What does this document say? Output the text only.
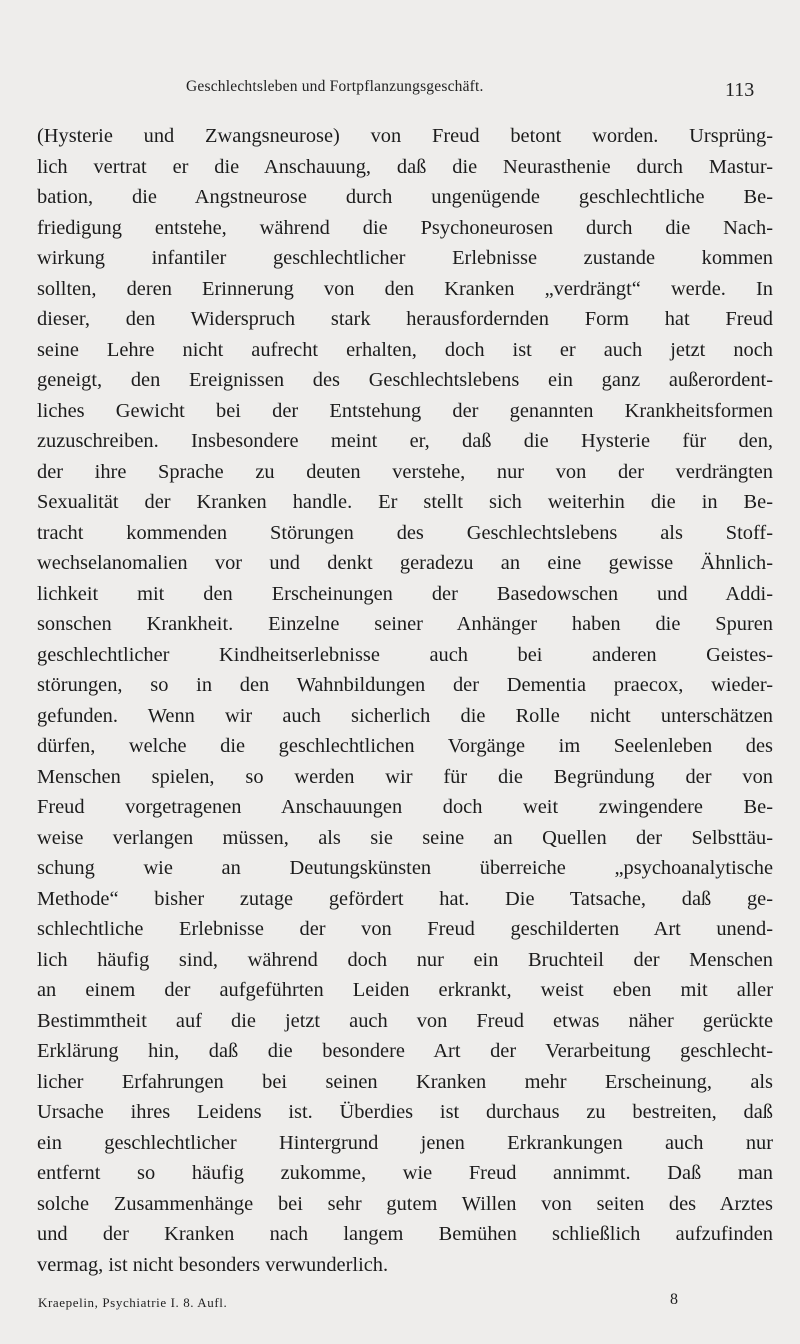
Geschlechtsleben und Fortpflanzungsgeschäft.	113
(Hysterie und Zwangsneurose) von Freud betont worden. Ursprüng-
lich vertrat er die Anschauung, daß die Neurasthenie durch Mastur-
bation, die Angstneurose durch ungenügende geschlechtliche Be-
friedigung entstehe, während die Psychoneurosen durch die Nach-
wirkung infantiler geschlechtlicher Erlebnisse zustande kommen
sollten, deren Erinnerung von den Kranken „verdrängt“ werde. In
dieser, den Widerspruch stark herausfordernden Form hat Freud
seine Lehre nicht aufrecht erhalten, doch ist er auch jetzt noch
geneigt, den Ereignissen des Geschlechtslebens ein ganz außerordent-
liches Gewicht bei der Entstehung der genannten Krankheitsformen
zuzuschreiben. Insbesondere meint er, daß die Hysterie für den,
der ihre Sprache zu deuten verstehe, nur von der verdrängten
Sexualität der Kranken handle. Er stellt sich weiterhin die in Be-
tracht kommenden Störungen des Geschlechtslebens als Stoff-
wechselanomalien vor und denkt geradezu an eine gewisse Ähnlich-
lichkeit mit den Erscheinungen der Basedowschen und Addi-
sonschen Krankheit. Einzelne seiner Anhänger haben die Spuren
geschlechtlicher Kindheitserlebnisse auch bei anderen Geistes-
störungen, so in den Wahnbildungen der Dementia praecox, wieder-
gefunden. Wenn wir auch sicherlich die Rolle nicht unterschätzen
dürfen, welche die geschlechtlichen Vorgänge im Seelenleben des
Menschen spielen, so werden wir für die Begründung der von
Freud vorgetragenen Anschauungen doch weit zwingendere Be-
weise verlangen müssen, als sie seine an Quellen der Selbsttäu-
schung wie an Deutungskünsten überreiche „psychoanalytische
Methode“ bisher zutage gefördert hat. Die Tatsache, daß ge-
schlechtliche Erlebnisse der von Freud geschilderten Art unend-
lich häufig sind, während doch nur ein Bruchteil der Menschen
an einem der aufgeführten Leiden erkrankt, weist eben mit aller
Bestimmtheit auf die jetzt auch von Freud etwas näher gerückte
Erklärung hin, daß die besondere Art der Verarbeitung geschlecht-
licher Erfahrungen bei seinen Kranken mehr Erscheinung, als
Ursache ihres Leidens ist. Überdies ist durchaus zu bestreiten, daß
ein geschlechtlicher Hintergrund jenen Erkrankungen auch nur
entfernt so häufig zukomme, wie Freud annimmt. Daß man
solche Zusammenhänge bei sehr gutem Willen von seiten des Arztes
und der Kranken nach langem Bemühen schließlich aufzufinden
vermag, ist nicht besonders verwunderlich.
Kraepelin, Psychiatrie I. 8. Aufl.	8
